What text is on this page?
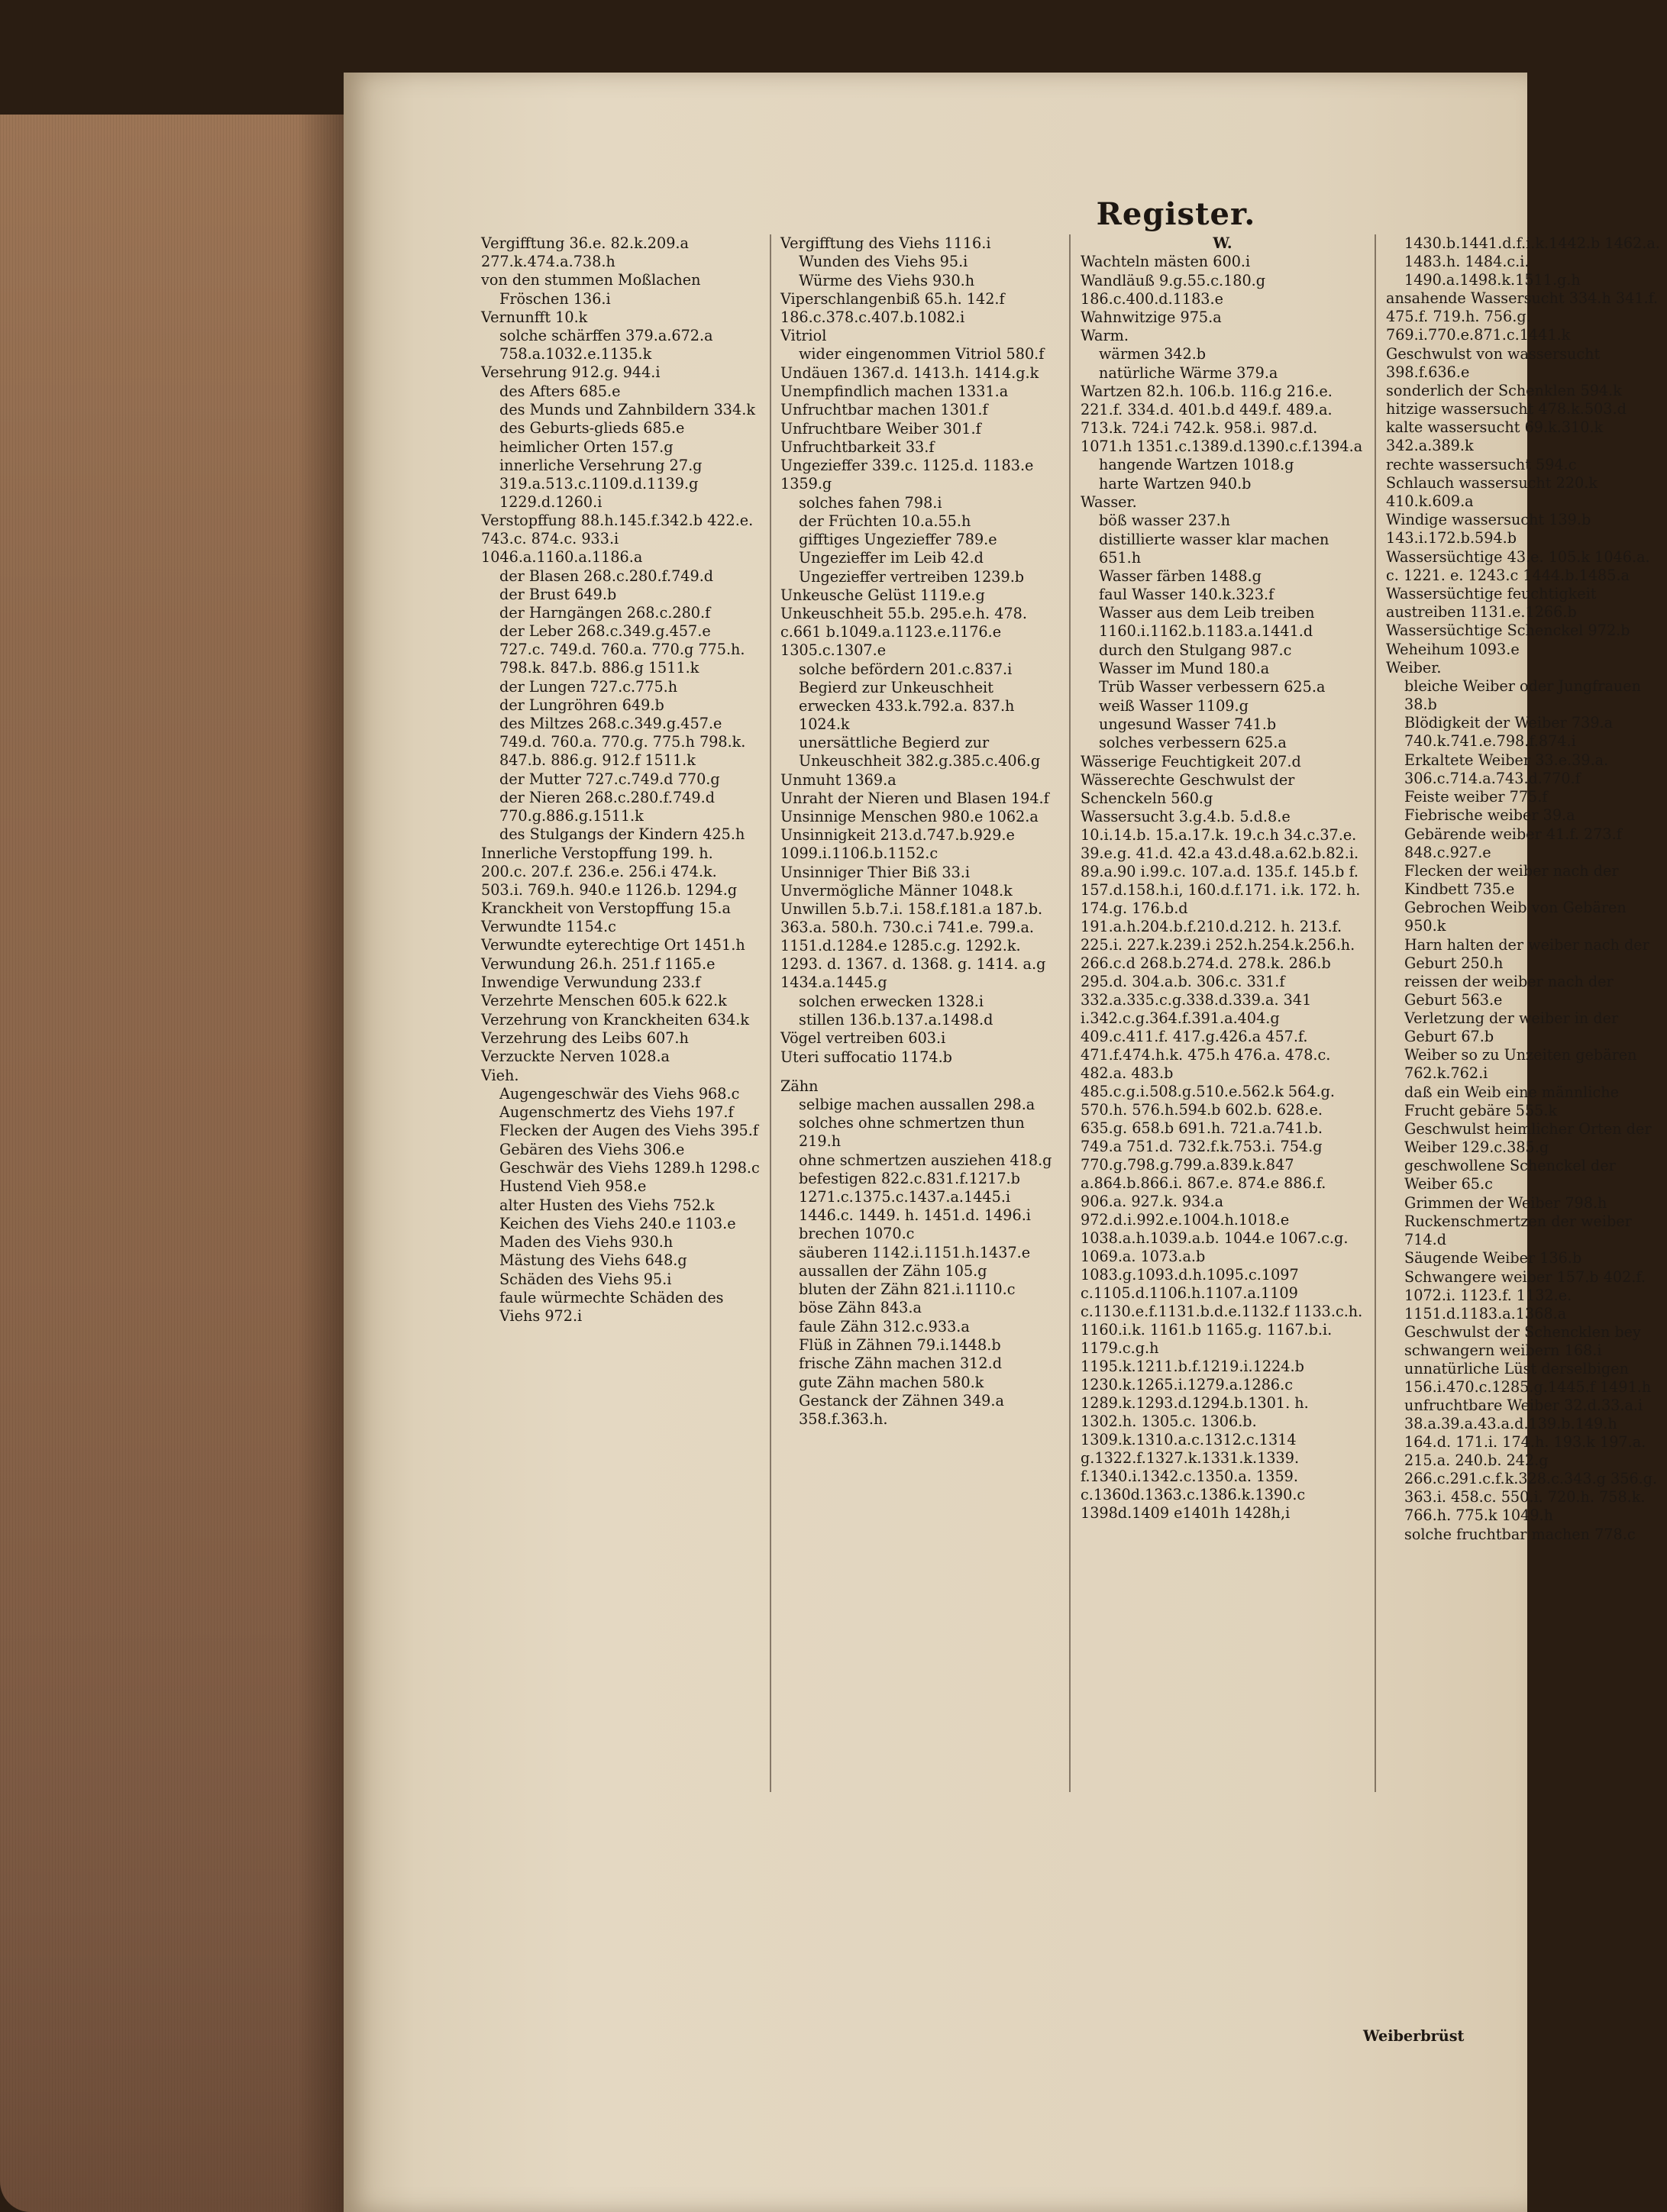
Register.
Vergifftung 36.e. 82.k.209.a 277.k.474.a.738.h
von den stummen Moßlachen
Fröschen 136.i
Vernunfft 10.k
solche schärffen 379.a.672.a 758.a.1032.e.1135.k
Versehrung 912.g. 944.i
des Afters 685.e
des Munds und Zahnbildern 334.k
des Geburts-glieds 685.e
heimlicher Orten 157.g
innerliche Versehrung 27.g 319.a.513.c.1109.d.1139.g 1229.d.1260.i
Verstopffung 88.h.145.f.342.b 422.e. 743.c. 874.c. 933.i 1046.a.1160.a.1186.a
der Blasen 268.c.280.f.749.d
der Brust 649.b
der Harngängen 268.c.280.f
der Leber 268.c.349.g.457.e 727.c. 749.d. 760.a. 770.g 775.h. 798.k. 847.b. 886.g 1511.k
der Lungen 727.c.775.h
der Lungröhren 649.b
des Miltzes 268.c.349.g.457.e 749.d. 760.a. 770.g. 775.h 798.k. 847.b. 886.g. 912.f 1511.k
der Mutter 727.c.749.d 770.g
der Nieren 268.c.280.f.749.d 770.g.886.g.1511.k
des Stulgangs der Kindern 425.h
Innerliche Verstopffung 199. h. 200.c. 207.f. 236.e. 256.i 474.k. 503.i. 769.h. 940.e 1126.b. 1294.g
Kranckheit von Verstopffung 15.a
Verwundte 1154.c
Verwundte eyterechtige Ort 1451.h
Verwundung 26.h. 251.f 1165.e
Inwendige Verwundung 233.f
Verzehrte Menschen 605.k 622.k
Verzehrung von Kranckheiten 634.k
Verzehrung des Leibs 607.h
Verzuckte Nerven 1028.a
Vieh.
Augengeschwär des Viehs 968.c
Augenschmertz des Viehs 197.f
Flecken der Augen des Viehs 395.f
Gebären des Viehs 306.e
Geschwär des Viehs 1289.h 1298.c
Hustend Vieh 958.e
alter Husten des Viehs 752.k
Keichen des Viehs 240.e 1103.e
Maden des Viehs 930.h
Mästung des Viehs 648.g
Schäden des Viehs 95.i
faule würmechte Schäden des Viehs 972.i
Vergifftung des Viehs 1116.i
Wunden des Viehs 95.i
Würme des Viehs 930.h
Viperschlangenbiß 65.h. 142.f 186.c.378.c.407.b.1082.i
Vitriol
wider eingenommen Vitriol 580.f
Undäuen 1367.d. 1413.h. 1414.g.k
Unempfindlich machen 1331.a
Unfruchtbar machen 1301.f
Unfruchtbare Weiber 301.f
Unfruchtbarkeit 33.f
Ungezieffer 339.c. 1125.d. 1183.e 1359.g
solches fahen 798.i
der Früchten 10.a.55.h
gifftiges Ungezieffer 789.e
Ungezieffer im Leib 42.d
Ungezieffer vertreiben 1239.b
Unkeusche Gelüst 1119.e.g
Unkeuschheit 55.b. 295.e.h. 478. c.661 b.1049.a.1123.e.1176.e 1305.c.1307.e
solche befördern 201.c.837.i
Begierd zur Unkeuschheit erwecken 433.k.792.a. 837.h 1024.k
unersättliche Begierd zur Unkeuschheit 382.g.385.c.406.g
Unmuht 1369.a
Unraht der Nieren und Blasen 194.f
Unsinnige Menschen 980.e 1062.a
Unsinnigkeit 213.d.747.b.929.e 1099.i.1106.b.1152.c
Unsinniger Thier Biß 33.i
Unvermögliche Männer 1048.k
Unwillen 5.b.7.i. 158.f.181.a 187.b. 363.a. 580.h. 730.c.i 741.e. 799.a. 1151.d.1284.e 1285.c.g. 1292.k. 1293. d. 1367. d. 1368. g. 1414. a.g 1434.a.1445.g
solchen erwecken 1328.i
stillen 136.b.137.a.1498.d
Vögel vertreiben 603.i
Uteri suffocatio 1174.b
Zähn
selbige machen aussallen 298.a
solches ohne schmertzen thun 219.h
ohne schmertzen ausziehen 418.g
befestigen 822.c.831.f.1217.b 1271.c.1375.c.1437.a.1445.i 1446.c. 1449. h. 1451.d. 1496.i
brechen 1070.c
säuberen 1142.i.1151.h.1437.e
aussallen der Zähn 105.g
bluten der Zähn 821.i.1110.c
böse Zähn 843.a
faule Zähn 312.c.933.a
Flüß in Zähnen 79.i.1448.b
frische Zähn machen 312.d
gute Zähn machen 580.k
Gestanck der Zähnen 349.a 358.f.363.h.
W.
Wachteln mästen 600.i
Wandläuß 9.g.55.c.180.g 186.c.400.d.1183.e
Wahnwitzige 975.a
Warm.
wärmen 342.b
natürliche Wärme 379.a
Wartzen 82.h. 106.b. 116.g 216.e. 221.f. 334.d. 401.b.d 449.f. 489.a. 713.k. 724.i 742.k. 958.i. 987.d. 1071.h 1351.c.1389.d.1390.c.f.1394.a
hangende Wartzen 1018.g
harte Wartzen 940.b
Wasser.
böß wasser 237.h
distillierte wasser klar machen 651.h
Wasser färben 1488.g
faul Wasser 140.k.323.f
Wasser aus dem Leib treiben 1160.i.1162.b.1183.a.1441.d
durch den Stulgang 987.c
Wasser im Mund 180.a
Trüb Wasser verbessern 625.a
weiß Wasser 1109.g
ungesund Wasser 741.b
solches verbessern 625.a
Wässerige Feuchtigkeit 207.d
Wässerechte Geschwulst der Schenckeln 560.g
Wassersucht 3.g.4.b. 5.d.8.e 10.i.14.b. 15.a.17.k. 19.c.h 34.c.37.e. 39.e.g. 41.d. 42.a 43.d.48.a.62.b.82.i. 89.a.90 i.99.c. 107.a.d. 135.f. 145.b f. 157.d.158.h.i, 160.d.f.171. i.k. 172. h. 174.g. 176.b.d 191.a.h.204.b.f.210.d.212. h. 213.f. 225.i. 227.k.239.i 252.h.254.k.256.h. 266.c.d 268.b.274.d. 278.k. 286.b 295.d. 304.a.b. 306.c. 331.f 332.a.335.c.g.338.d.339.a. 341 i.342.c.g.364.f.391.a.404.g 409.c.411.f. 417.g.426.a 457.f. 471.f.474.h.k. 475.h 476.a. 478.c. 482.a. 483.b 485.c.g.i.508.g.510.e.562.k 564.g. 570.h. 576.h.594.b 602.b. 628.e. 635.g. 658.b 691.h. 721.a.741.b. 749.a 751.d. 732.f.k.753.i. 754.g 770.g.798.g.799.a.839.k.847 a.864.b.866.i. 867.e. 874.e 886.f. 906.a. 927.k. 934.a 972.d.i.992.e.1004.h.1018.e 1038.a.h.1039.a.b. 1044.e 1067.c.g. 1069.a. 1073.a.b 1083.g.1093.d.h.1095.c.1097 c.1105.d.1106.h.1107.a.1109 c.1130.e.f.1131.b.d.e.1132.f 1133.c.h. 1160.i.k. 1161.b 1165.g. 1167.b.i. 1179.c.g.h 1195.k.1211.b.f.1219.i.1224.b 1230.k.1265.i.1279.a.1286.c 1289.k.1293.d.1294.b.1301. h. 1302.h. 1305.c. 1306.b. 1309.k.1310.a.c.1312.c.1314 g.1322.f.1327.k.1331.k.1339. f.1340.i.1342.c.1350.a. 1359. c.1360d.1363.c.1386.k.1390.c 1398d.1409 e1401h 1428h,i
1430.b.1441.d.f.i.k.1442.b 1462.a. 1483.h. 1484.c.i. 1490.a.1498.k.1511.g.h
ansahende Wassersucht 334.h 341.f. 475.f. 719.h. 756.g. 769.i.770.e.871.c.1441.k
Geschwulst von wassersucht 398.f.636.e
sonderlich der Schenklen 594.k
hitzige wassersucht 478.k.503.d
kalte wassersucht 69.k.310.k 342.a.389.k
rechte wassersucht 594.c
Schlauch wassersucht 220.k 410.k.609.a
Windige wassersucht 139.b 143.i.172.b.594.b
Wassersüchtige 43.e. 105.k 1046.a. c. 1221. e. 1243.c 1444.b.1485.a
Wassersüchtige feuchtigkeit austreiben 1131.e.1266.b
Wassersüchtige Schenckel 972.b
Weheihum 1093.e
Weiber.
bleiche Weiber oder Jungfrauen 38.b
Blödigkeit der Weiber 739.a 740.k.741.e.798.f.874.i
Erkaltete Weiber 33.e.39.a. 306.c.714.a.743.d.770.f
Feiste weiber 775.f
Fiebrische weiber 39.a
Gebärende weiber 41.f. 273.f 848.c.927.e
Flecken der weiber nach der Kindbett 735.e
Gebrochen Weib von Gebären 950.k
Harn halten der weiber nach der Geburt 250.h
reissen der weiber nach der Geburt 563.e
Verletzung der weiber in der Geburt 67.b
Weiber so zu Unzeiten gebären 762.k.762.i
daß ein Weib eine männliche Frucht gebäre 555.k
Geschwulst heimlicher Orten der Weiber 129.c.385.g
geschwollene Schenckel der Weiber 65.c
Grimmen der Weiber 798.h
Ruckenschmertzen der weiber 714.d
Säugende Weiber 136.b
Schwangere weiber 157.b 402.f. 1072.i. 1123.f. 1132.e. 1151.d.1183.a.1368.a
Geschwulst der Schencklen bey schwangern weibern 168.i
unnatürliche Lüst derselbigen 156.i.470.c.1285.g.1445.f 1491.h
unfruchtbare Weiber 32.d.33.a.i 38.a.39.a.43.a.d.139.b.149.h 164.d. 171.i. 174.h. 193.k 197.a. 215.a. 240.b. 242.g 266.c.291.c.f.k.328.c.343.g 356.g. 363.i. 458.c. 550.i. 720.h. 758.k. 766.h. 775.k 1049.h
solche fruchtbar machen 778.c
Weiberbrüst
